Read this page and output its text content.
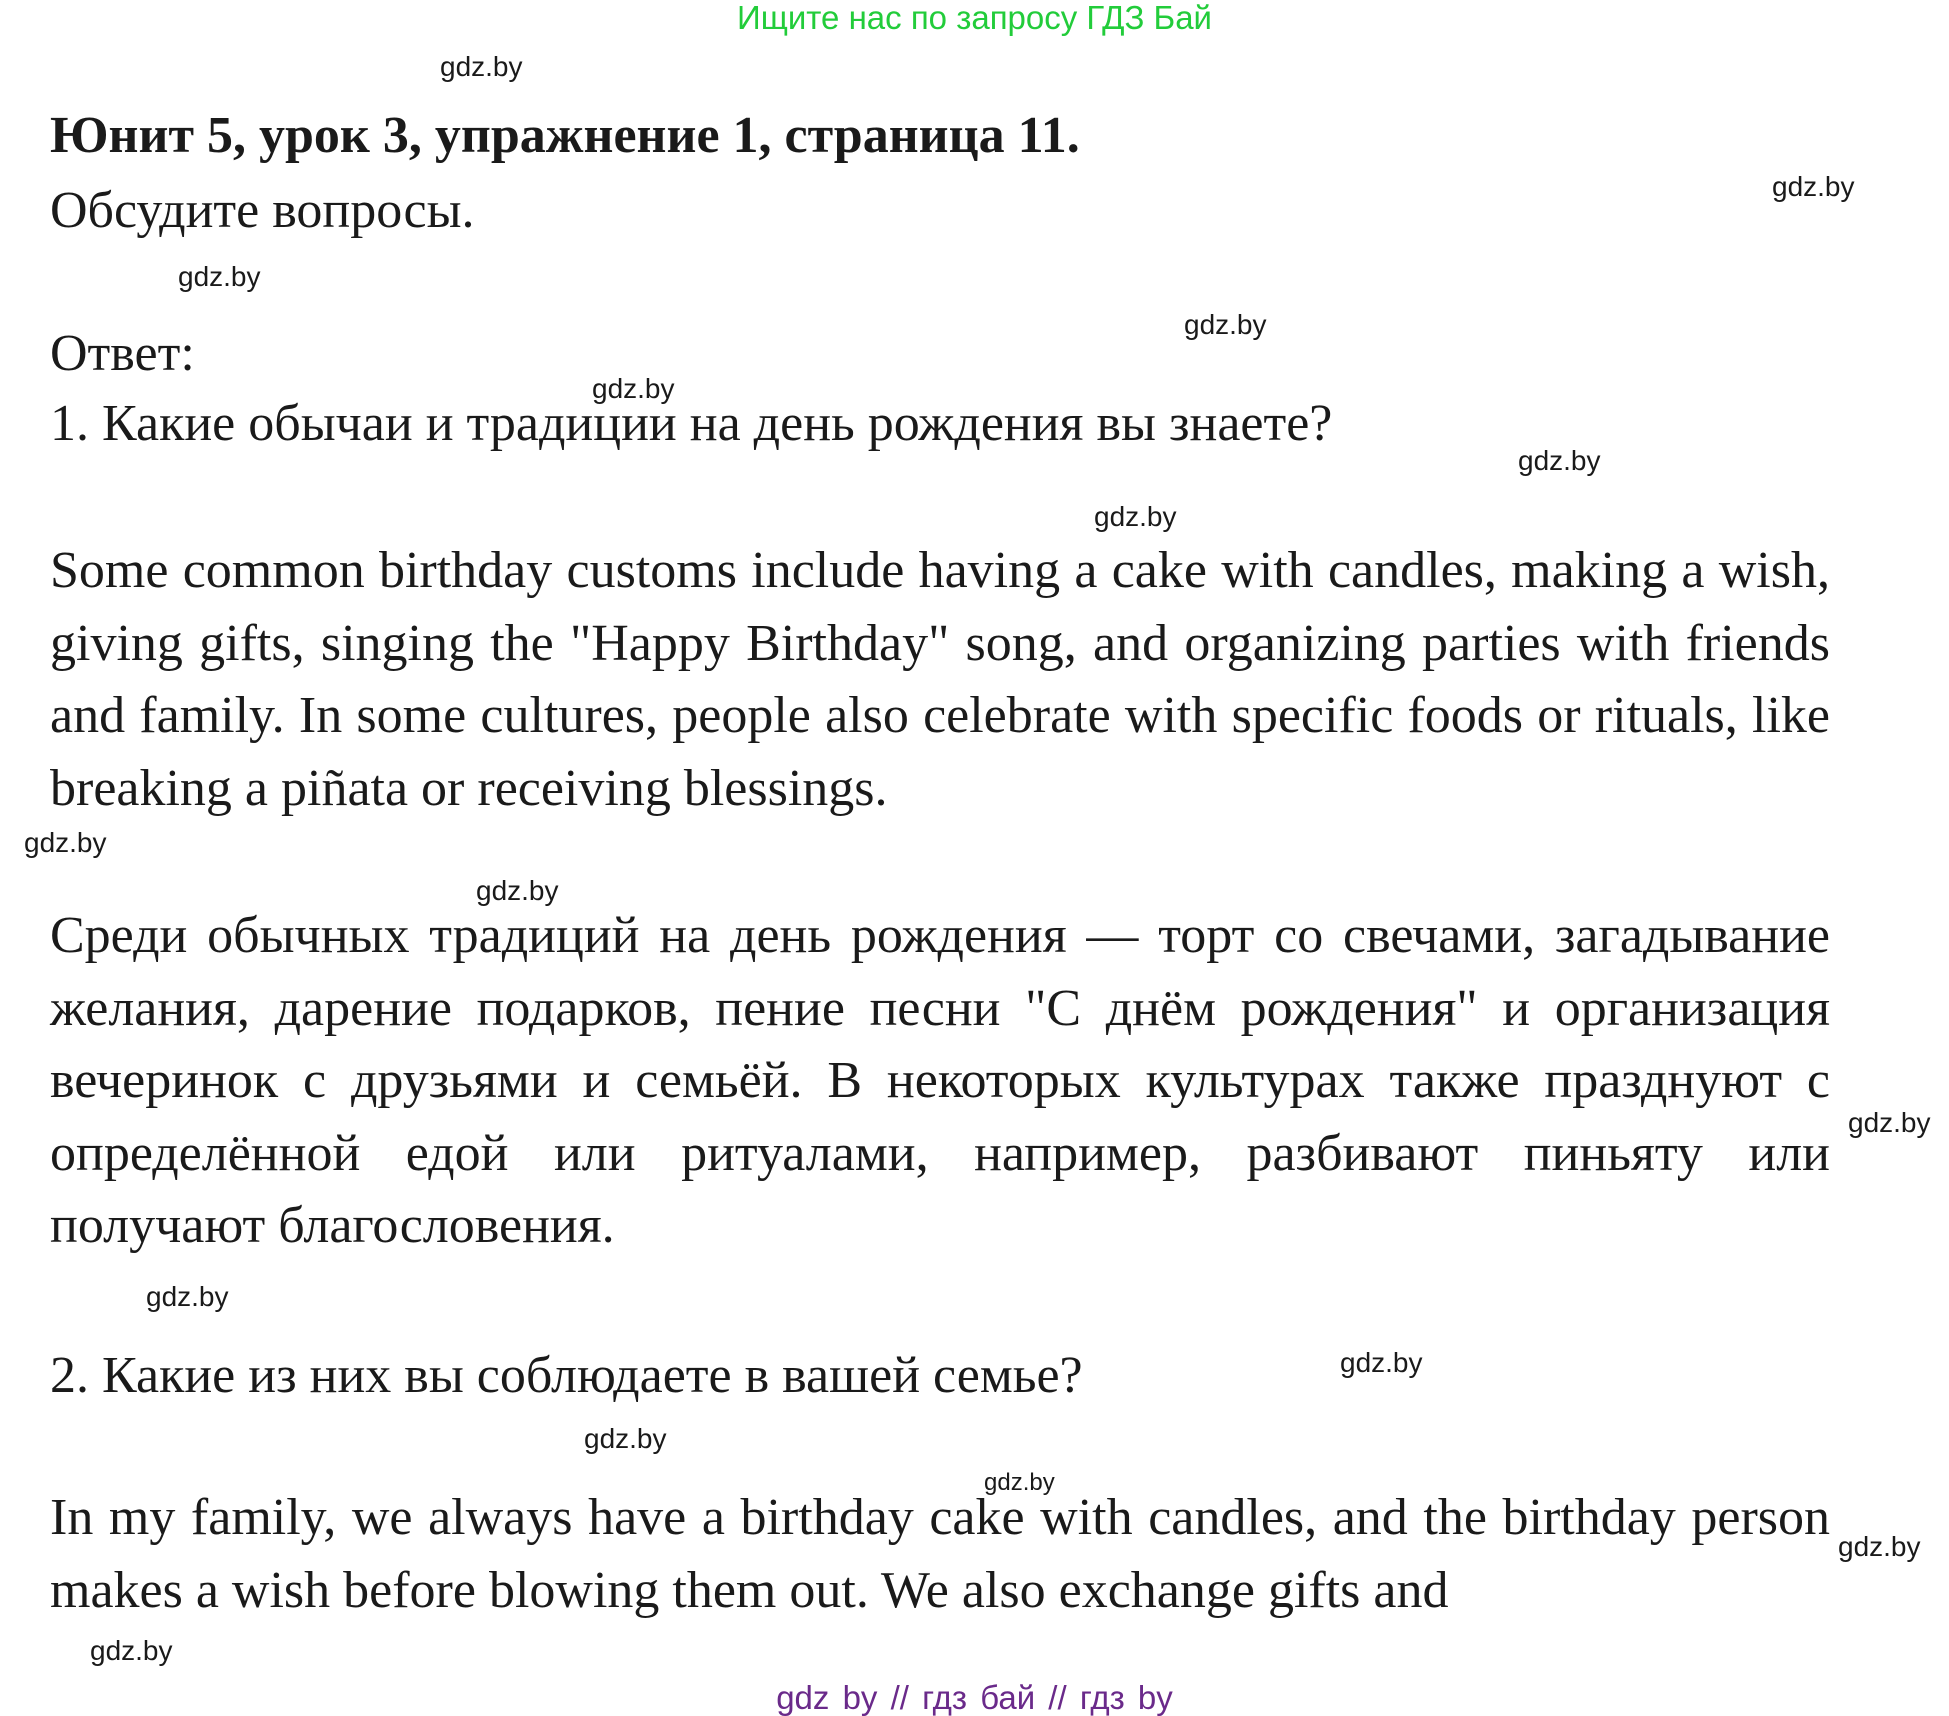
Ищите нас по запросу ГДЗ Бай
Юнит 5, урок 3, упражнение 1, страница 11.
Обсудите вопросы.
Ответ:
1. Какие обычаи и традиции на день рождения вы знаете?
Some common birthday customs include having a cake with candles, making a wish, giving gifts, singing the "Happy Birthday" song, and organizing parties with friends and family. In some cultures, people also celebrate with specific foods or rituals, like breaking a piñata or receiving blessings.
Среди обычных традиций на день рождения — торт со свечами, загадывание желания, дарение подарков, пение песни "С днём рождения" и организация вечеринок с друзьями и семьёй. В некоторых культурах также празднуют с определённой едой или ритуалами, например, разбивают пиньяту или получают благословения.
2. Какие из них вы соблюдаете в вашей семье?
In my family, we always have a birthday cake with candles, and the birthday person makes a wish before blowing them out. We also exchange gifts and
gdz.by
gdz.by
gdz.by
gdz.by
gdz.by
gdz.by
gdz.by
gdz.by
gdz.by
gdz.by
gdz.by
gdz.by
gdz.by
gdz.by
gdz.by
gdz.by
gdz by // гдз бай // гдз by
